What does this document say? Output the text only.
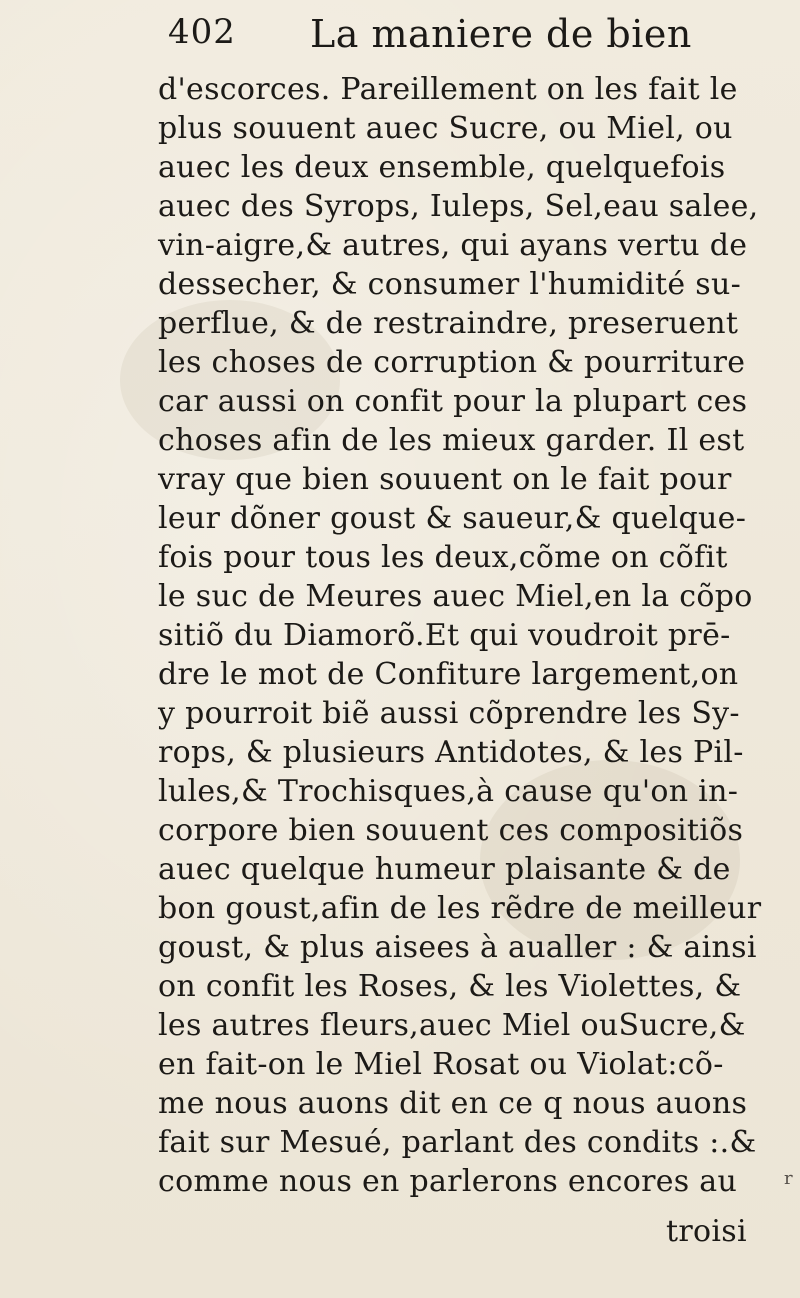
402 La maniere de bien
d'escorces. Pareillement on les fait le
plus souuent auec Sucre, ou Miel, ou
auec les deux ensemble, quelquefois
auec des Syrops, Iuleps, Sel,eau salee,
vin-aigre,& autres, qui ayans vertu de
dessecher, & consumer l'humidité su-
perflue, & de restraindre, preseruent
les choses de corruption & pourriture
car aussi on confit pour la plupart ces
choses afin de les mieux garder. Il est
vray que bien souuent on le fait pour
leur dõner goust & saueur,& quelque-
fois pour tous les deux,cõme on cõfit
le suc de Meures auec Miel,en la cõpo
sitiõ du Diamorõ.Et qui voudroit prē-
dre le mot de Confiture largement,on
y pourroit biẽ aussi cõprendre les Sy-
rops, & plusieurs Antidotes, & les Pil-
lules,& Trochisques,à cause qu'on in-
corpore bien souuent ces compositiõs
auec quelque humeur plaisante & de
bon goust,afin de les rẽdre de meilleur
goust, & plus aisees à aualler : & ainsi
on confit les Roses, & les Violettes, &
les autres fleurs,auec Miel ouSucre,&
en fait-on le Miel Rosat ou Violat:cõ-
me nous auons dit en ce q nous auons
fait sur Mesué, parlant des condits :.&
comme nous en parlerons encores au	r
troisi
